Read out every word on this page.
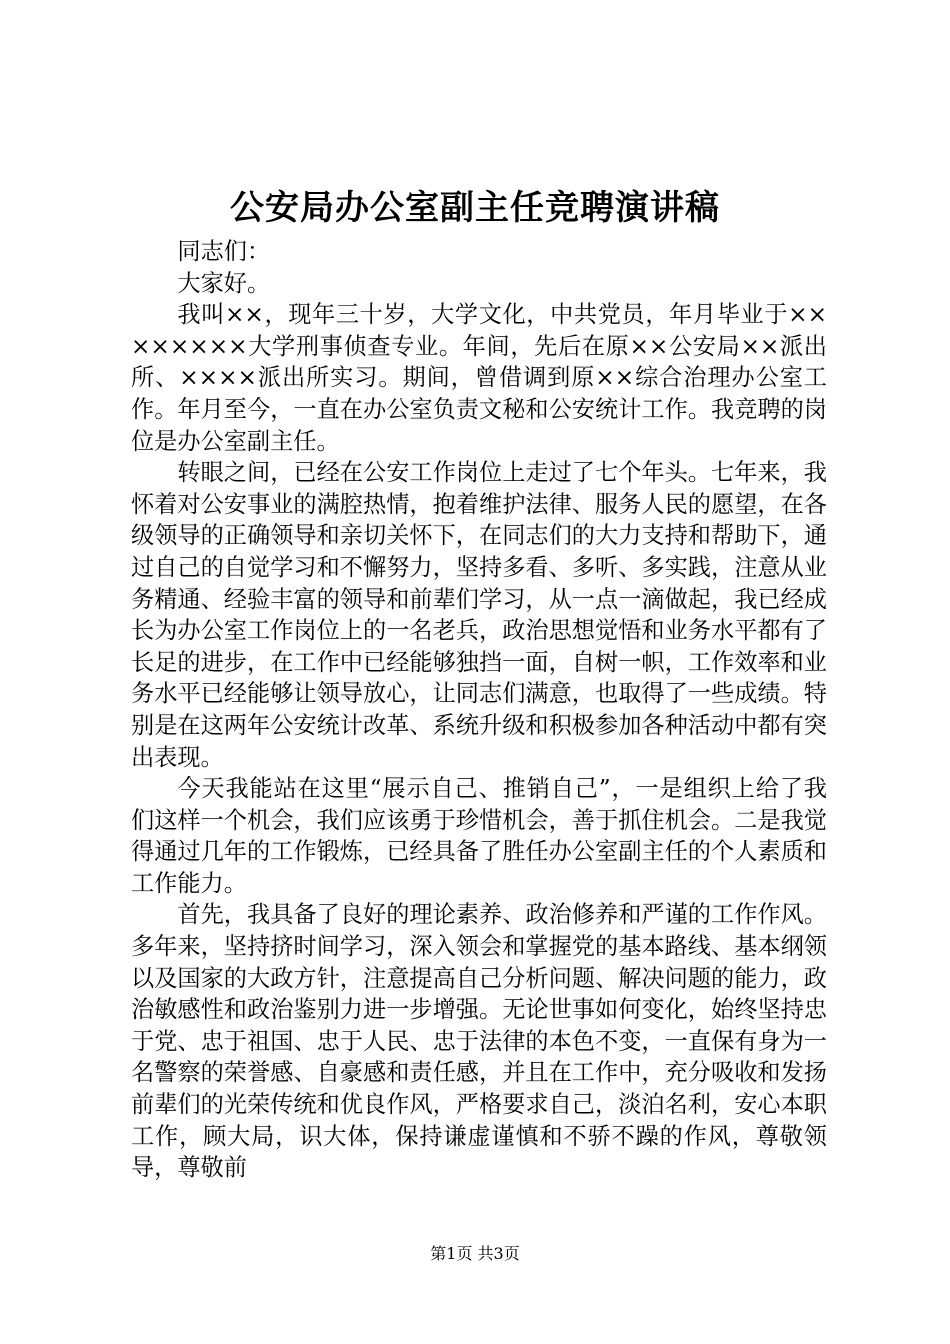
公安局办公室副主任竞聘演讲稿

同志们：

大家好。

我叫××，现年三十岁，大学文化，中共党员，年月毕业于××××××××大学刑事侦查专业。年间，先后在原××公安局××派出所、××××派出所实习。期间，曾借调到原××综合治理办公室工作。年月至今，一直在办公室负责文秘和公安统计工作。我竞聘的岗位是办公室副主任。

转眼之间，已经在公安工作岗位上走过了七个年头。七年来，我怀着对公安事业的满腔热情，抱着维护法律、服务人民的愿望，在各级领导的正确领导和亲切关怀下，在同志们的大力支持和帮助下，通过自己的自觉学习和不懈努力，坚持多看、多听、多实践，注意从业务精通、经验丰富的领导和前辈们学习，从一点一滴做起，我已经成长为办公室工作岗位上的一名老兵，政治思想觉悟和业务水平都有了长足的进步，在工作中已经能够独挡一面，自树一帜，工作效率和业务水平已经能够让领导放心，让同志们满意，也取得了一些成绩。特别是在这两年公安统计改革、系统升级和积极参加各种活动中都有突出表现。

今天我能站在这里“展示自己、推销自己”，一是组织上给了我们这样一个机会，我们应该勇于珍惜机会，善于抓住机会。二是我觉得通过几年的工作锻炼，已经具备了胜任办公室副主任的个人素质和工作能力。

首先，我具备了良好的理论素养、政治修养和严谨的工作作风。多年来，坚持挤时间学习，深入领会和掌握党的基本路线、基本纲领以及国家的大政方针，注意提高自己分析问题、解决问题的能力，政治敏感性和政治鉴别力进一步增强。无论世事如何变化，始终坚持忠于党、忠于祖国、忠于人民、忠于法律的本色不变，一直保有身为一名警察的荣誉感、自豪感和责任感，并且在工作中，充分吸收和发扬前辈们的光荣传统和优良作风，严格要求自己，淡泊名利，安心本职工作，顾大局，识大体，保持谦虚谨慎和不骄不躁的作风，尊敬领导，尊敬前

第1页 共3页
